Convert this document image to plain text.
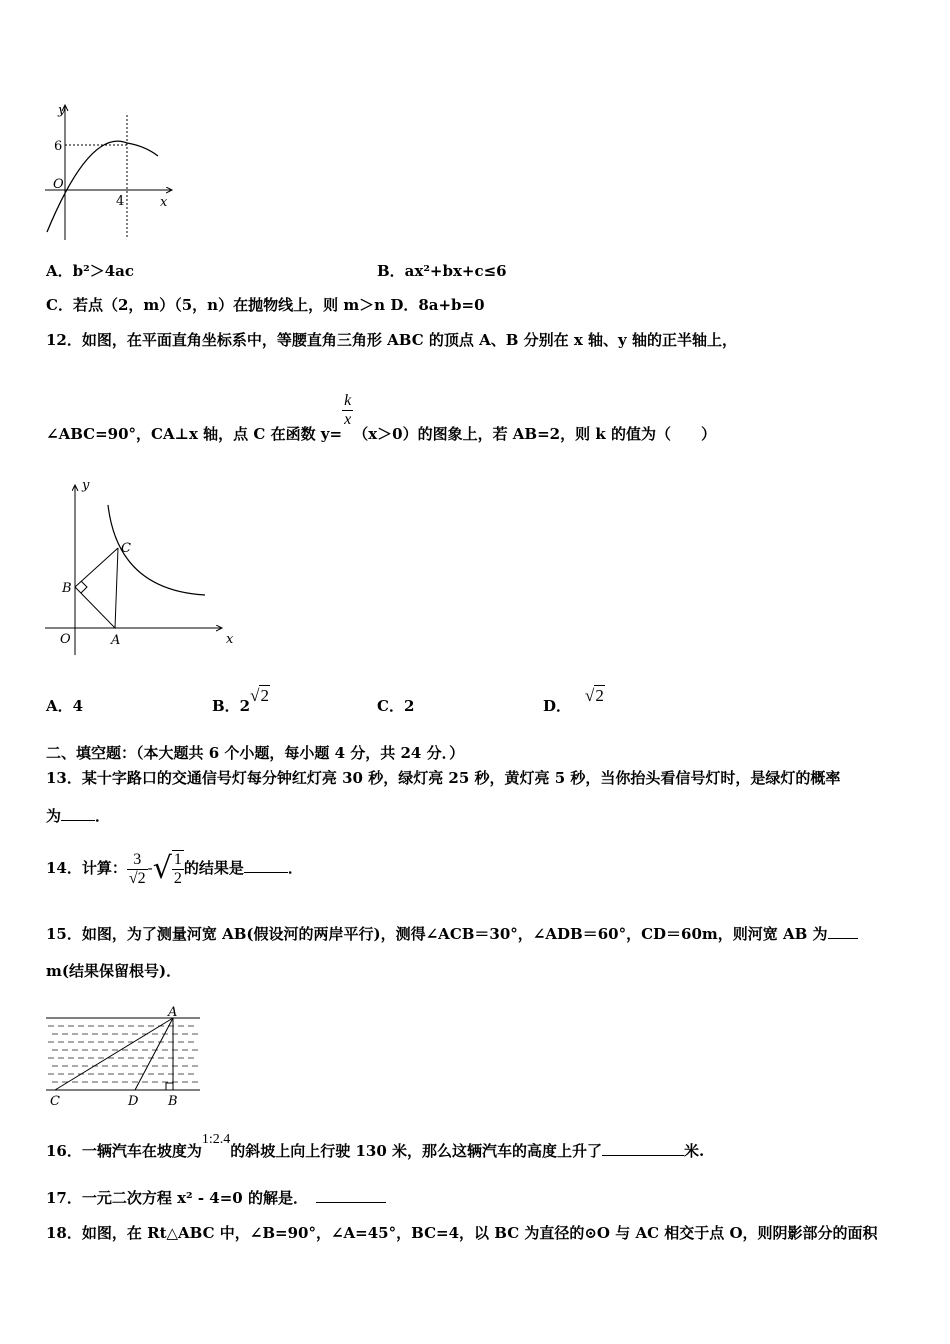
y
x
O
6
4
A．b²＞4ac	B．ax²+bx+c≤6
C．若点（2，m）（5，n）在抛物线上，则 m＞n D．8a+b=0
12．如图，在平面直角坐标系中，等腰直角三角形 ABC 的顶点 A、B 分别在 x 轴、y 轴的正半轴上，
∠ABC=90°，CA⊥x 轴，点 C 在函数 y=
$\frac{k}{x}$
（x＞0）的图象上，若 AB=2，则 k 的值为（　　）
y
x
O	A
B
C
A．4	B．2√2
C．2	D．√2
二、填空题：（本大题共 6 个小题，每小题 4 分，共 24 分．）
13．某十字路口的交通信号灯每分钟红灯亮 30 秒，绿灯亮 25 秒，黄灯亮 5 秒，当你抬头看信号灯时，是绿灯的概率
为 ．
14．计算： $\frac{3}{√2}$ -√ $\frac{1}{2}$ 的结果是	．
15．如图，为了测量河宽 AB(假设河的两岸平行)，测得∠ACB＝30°，∠ADB＝60°，CD＝60m，则河宽 AB 为
m(结果保留根号)．
A
B
C	D
16．一辆汽车在坡度为1:2.4的斜坡上向上行驶 130 米，那么这辆汽车的高度上升了	米.
17．一元二次方程 x² - 4=0 的解是．
18．如图，在 Rt△ABC 中，∠B=90°，∠A=45°，BC=4，以 BC 为直径的⊙O 与 AC 相交于点 O，则阴影部分的面积
